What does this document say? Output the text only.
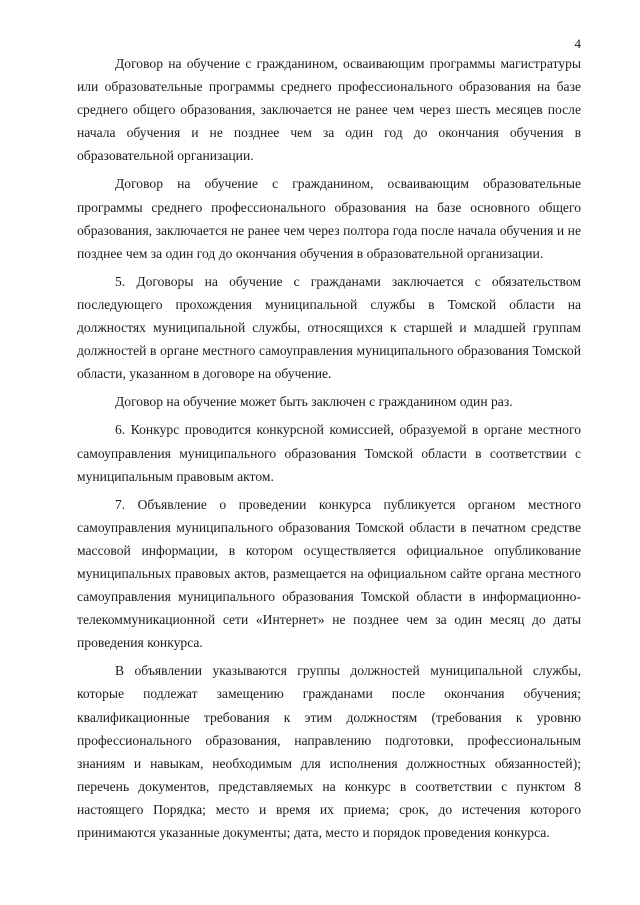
4

Договор на обучение с гражданином, осваивающим программы магистратуры или образовательные программы среднего профессионального образования на базе среднего общего образования, заключается не ранее чем через шесть месяцев после начала обучения и не позднее чем за один год до окончания обучения в образовательной организации.

Договор на обучение с гражданином, осваивающим образовательные программы среднего профессионального образования на базе основного общего образования, заключается не ранее чем через полтора года после начала обучения и не позднее чем за один год до окончания обучения в образовательной организации.

5. Договоры на обучение с гражданами заключается с обязательством последующего прохождения муниципальной службы в Томской области на должностях муниципальной службы, относящихся к старшей и младшей группам должностей в органе местного самоуправления муниципального образования Томской области, указанном в договоре на обучение.

Договор на обучение может быть заключен с гражданином один раз.

6. Конкурс проводится конкурсной комиссией, образуемой в органе местного самоуправления муниципального образования Томской области в соответствии с муниципальным правовым актом.

7. Объявление о проведении конкурса публикуется органом местного самоуправления муниципального образования Томской области в печатном средстве массовой информации, в котором осуществляется официальное опубликование муниципальных правовых актов, размещается на официальном сайте органа местного самоуправления муниципального образования Томской области в информационно-телекоммуникационной сети «Интернет» не позднее чем за один месяц до даты проведения конкурса.

В объявлении указываются группы должностей муниципальной службы, которые подлежат замещению гражданами после окончания обучения; квалификационные требования к этим должностям (требования к уровню профессионального образования, направлению подготовки, профессиональным знаниям и навыкам, необходимым для исполнения должностных обязанностей); перечень документов, представляемых на конкурс в соответствии с пунктом 8 настоящего Порядка; место и время их приема; срок, до истечения которого принимаются указанные документы; дата, место и порядок проведения конкурса.
